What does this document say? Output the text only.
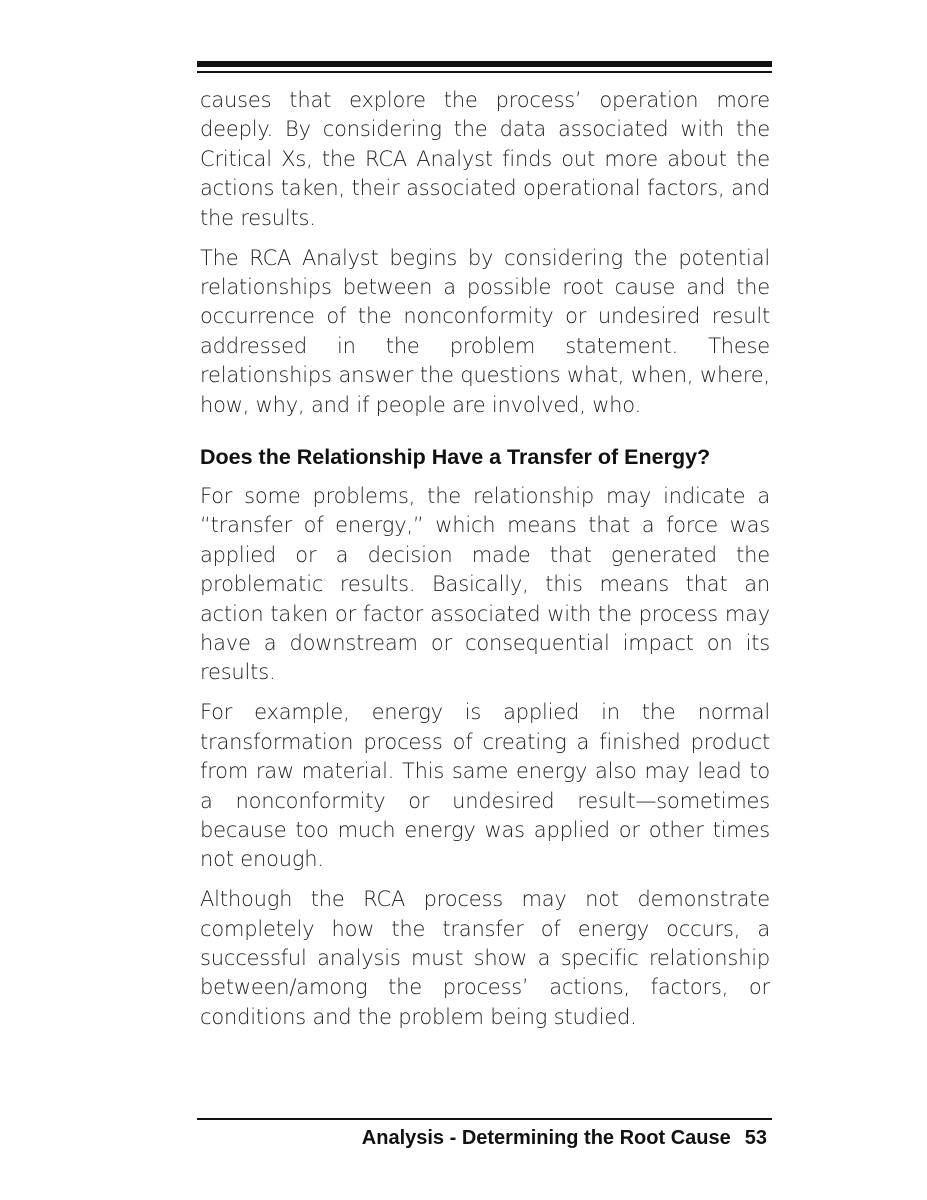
causes that explore the process’ operation more deeply. By considering the data associated with the Critical Xs, the RCA Analyst finds out more about the actions taken, their associated operational factors, and the results.

The RCA Analyst begins by considering the potential relationships between a possible root cause and the occurrence of the nonconformity or undesired result addressed in the problem statement. These relationships answer the questions what, when, where, how, why, and if people are involved, who.

Does the Relationship Have a Transfer of Energy?

For some problems, the relationship may indicate a “transfer of energy,” which means that a force was applied or a decision made that generated the problematic results. Basically, this means that an action taken or factor associated with the process may have a downstream or consequential impact on its results.

For example, energy is applied in the normal transformation process of creating a finished product from raw material. This same energy also may lead to a nonconformity or undesired result—sometimes because too much energy was applied or other times not enough.

Although the RCA process may not demonstrate completely how the transfer of energy occurs, a successful analysis must show a specific relationship between/among the process’ actions, factors, or conditions and the problem being studied.

Analysis - Determining the Root Cause 53
